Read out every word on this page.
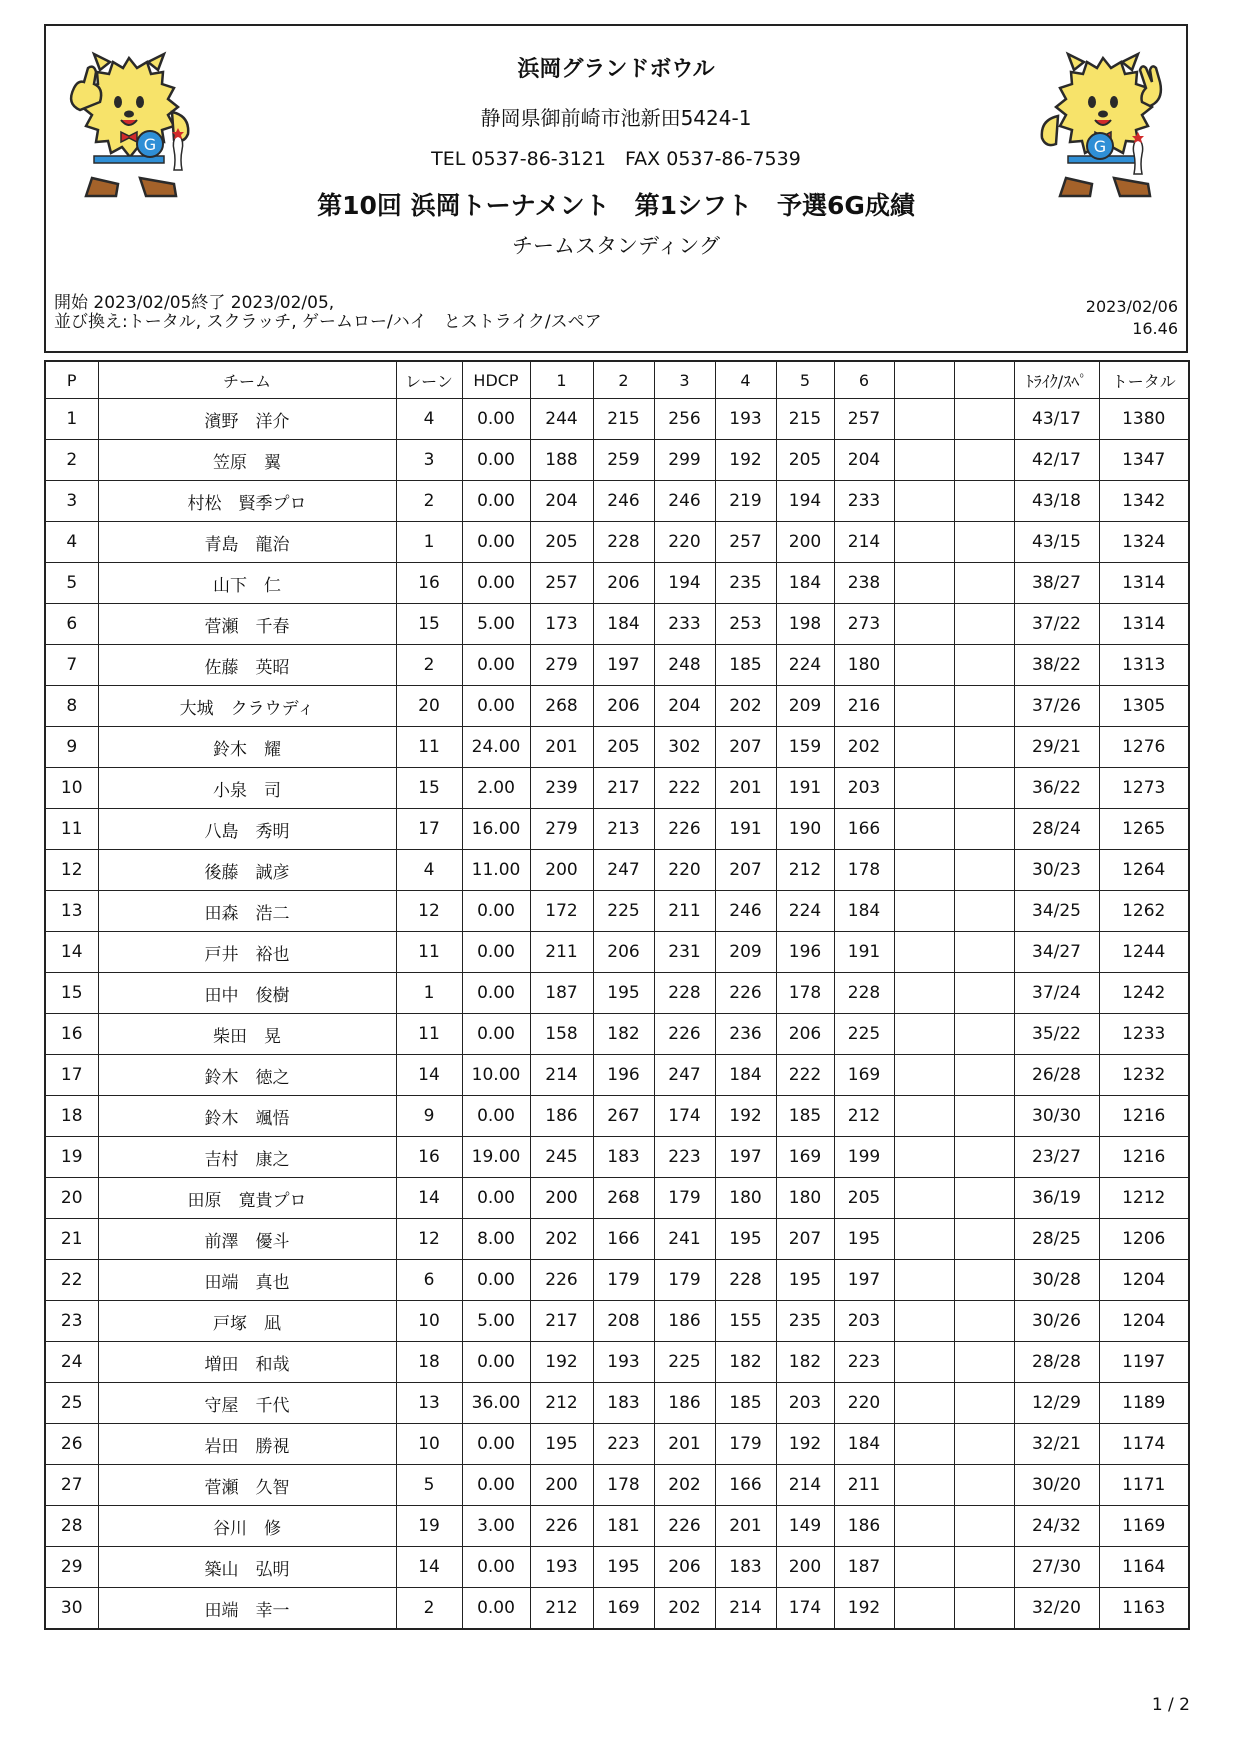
G
浜岡グランドボウル
静岡県御前崎市池新田5424-1
TEL 0537-86-3121　FAX 0537-86-7539
第10回 浜岡トーナメント　第1シフト　予選6G成績
チームスタンディング
G
開始 2023/02/05終了 2023/02/05,
並び換え:トータル, スクラッチ, ゲームロー/ハイ　とストライク/スペア
2023/02/06
16.46
P	チーム	レーン	HDCP	1	2	3	4	5	6			ﾄﾗｲｸ/ｽﾍﾟ	トータル
1	濱野　洋介	4	0.00	244	215	256	193	215	257			43/17	1380
2	笠原　翼	3	0.00	188	259	299	192	205	204			42/17	1347
3	村松　賢季プロ	2	0.00	204	246	246	219	194	233			43/18	1342
4	青島　龍治	1	0.00	205	228	220	257	200	214			43/15	1324
5	山下　仁	16	0.00	257	206	194	235	184	238			38/27	1314
6	菅瀬　千春	15	5.00	173	184	233	253	198	273			37/22	1314
7	佐藤　英昭	2	0.00	279	197	248	185	224	180			38/22	1313
8	大城　クラウディ	20	0.00	268	206	204	202	209	216			37/26	1305
9	鈴木　耀	11	24.00	201	205	302	207	159	202			29/21	1276
10	小泉　司	15	2.00	239	217	222	201	191	203			36/22	1273
11	八島　秀明	17	16.00	279	213	226	191	190	166			28/24	1265
12	後藤　誠彦	4	11.00	200	247	220	207	212	178			30/23	1264
13	田森　浩二	12	0.00	172	225	211	246	224	184			34/25	1262
14	戸井　裕也	11	0.00	211	206	231	209	196	191			34/27	1244
15	田中　俊樹	1	0.00	187	195	228	226	178	228			37/24	1242
16	柴田　晃	11	0.00	158	182	226	236	206	225			35/22	1233
17	鈴木　徳之	14	10.00	214	196	247	184	222	169			26/28	1232
18	鈴木　颯悟	9	0.00	186	267	174	192	185	212			30/30	1216
19	吉村　康之	16	19.00	245	183	223	197	169	199			23/27	1216
20	田原　寛貴プロ	14	0.00	200	268	179	180	180	205			36/19	1212
21	前澤　優斗	12	8.00	202	166	241	195	207	195			28/25	1206
22	田端　真也	6	0.00	226	179	179	228	195	197			30/28	1204
23	戸塚　凪	10	5.00	217	208	186	155	235	203			30/26	1204
24	増田　和哉	18	0.00	192	193	225	182	182	223			28/28	1197
25	守屋　千代	13	36.00	212	183	186	185	203	220			12/29	1189
26	岩田　勝視	10	0.00	195	223	201	179	192	184			32/21	1174
27	菅瀬　久智	5	0.00	200	178	202	166	214	211			30/20	1171
28	谷川　修	19	3.00	226	181	226	201	149	186			24/32	1169
29	築山　弘明	14	0.00	193	195	206	183	200	187			27/30	1164
30	田端　幸一	2	0.00	212	169	202	214	174	192			32/20	1163
1 / 2
